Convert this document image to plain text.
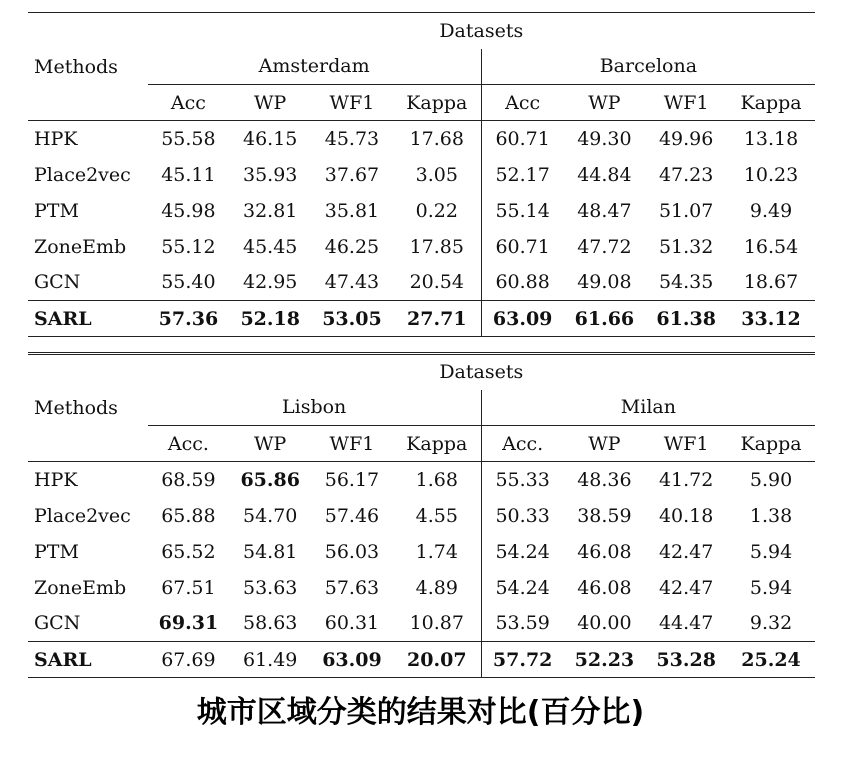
	Datasets							
Methods	Amsterdam				Barcelona			
	Acc	WP	WF1	Kappa	Acc	WP	WF1	Kappa
HPK	55.58	46.15	45.73	17.68	60.71	49.30	49.96	13.18
Place2vec	45.11	35.93	37.67	3.05	52.17	44.84	47.23	10.23
PTM	45.98	32.81	35.81	0.22	55.14	48.47	51.07	9.49
ZoneEmb	55.12	45.45	46.25	17.85	60.71	47.72	51.32	16.54
GCN	55.40	42.95	47.43	20.54	60.88	49.08	54.35	18.67
SARL	57.36	52.18	53.05	27.71	63.09	61.66	61.38	33.12
	Datasets							
Methods	Lisbon				Milan			
	Acc.	WP	WF1	Kappa	Acc.	WP	WF1	Kappa
HPK	68.59	65.86	56.17	1.68	55.33	48.36	41.72	5.90
Place2vec	65.88	54.70	57.46	4.55	50.33	38.59	40.18	1.38
PTM	65.52	54.81	56.03	1.74	54.24	46.08	42.47	5.94
ZoneEmb	67.51	53.63	57.63	4.89	54.24	46.08	42.47	5.94
GCN	69.31	58.63	60.31	10.87	53.59	40.00	44.47	9.32
SARL	67.69	61.49	63.09	20.07	57.72	52.23	53.28	25.24
城市区域分类的结果对比(百分比)
